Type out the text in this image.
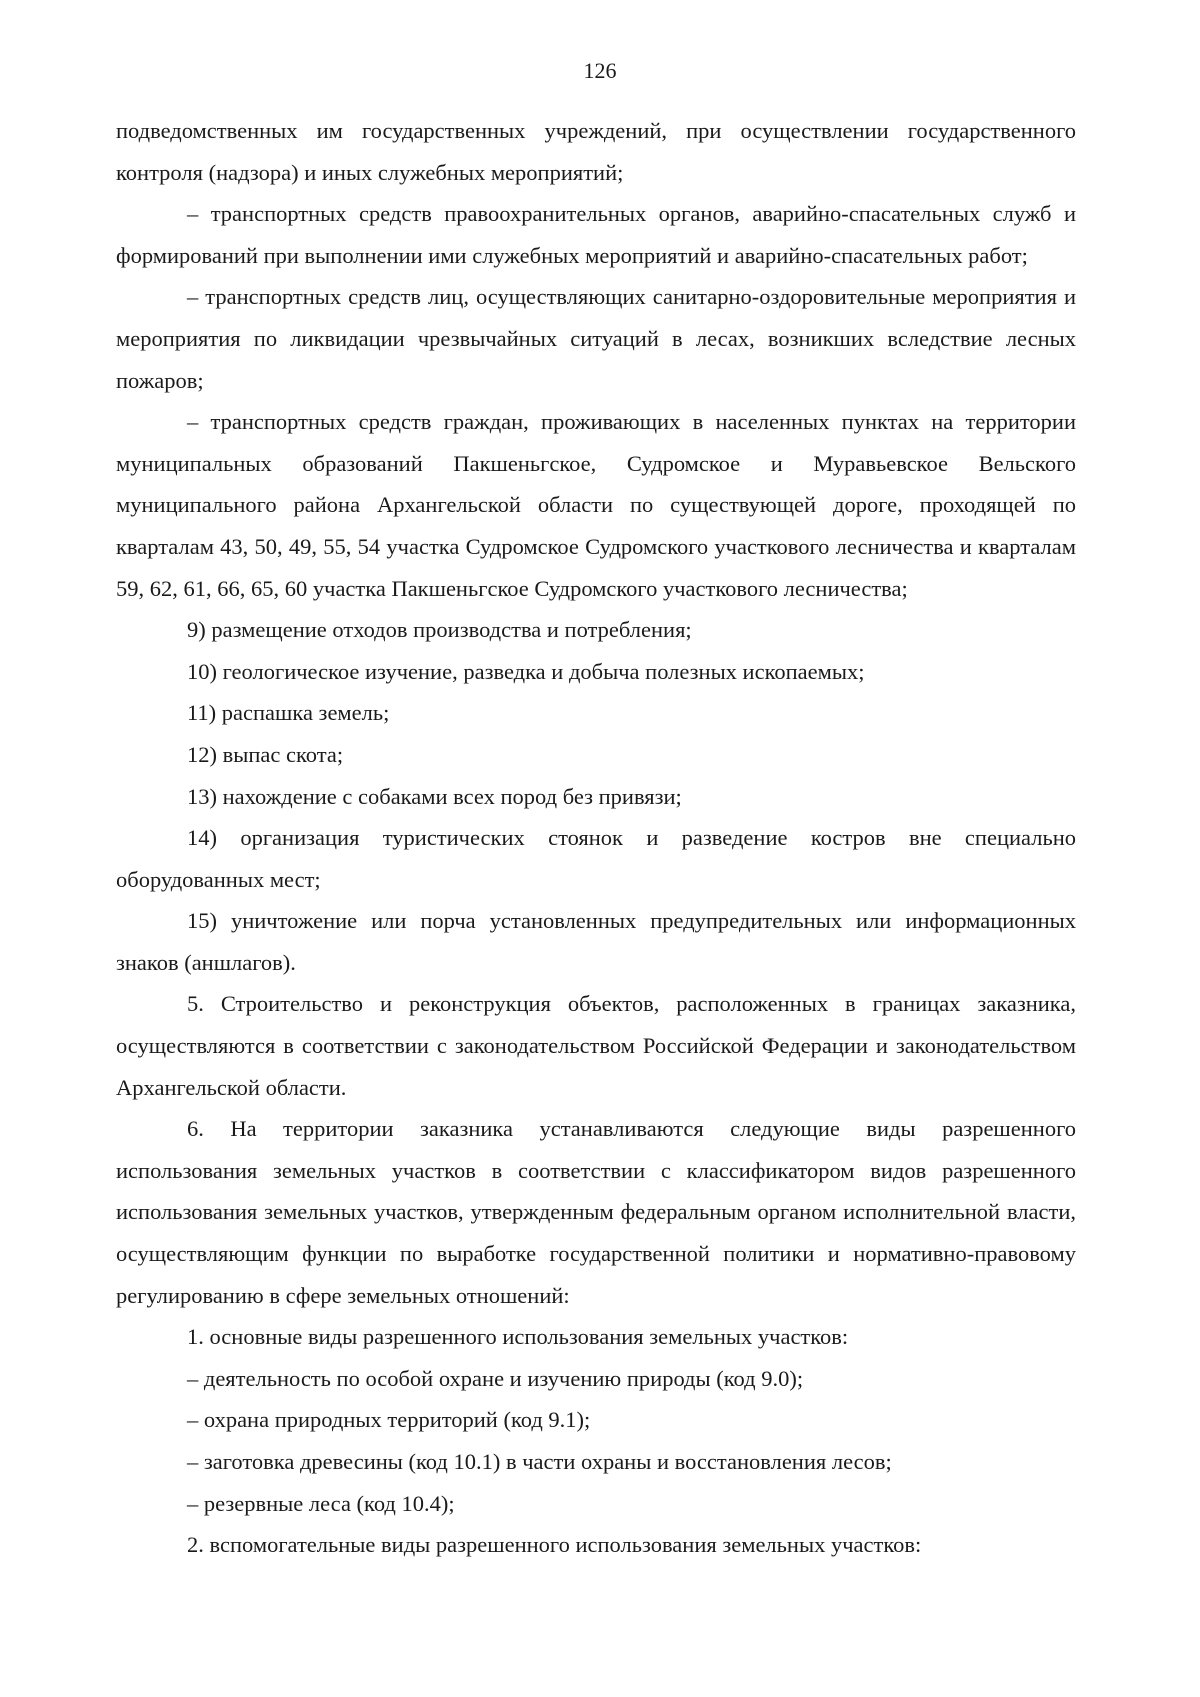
126

подведомственных им государственных учреждений, при осуществлении государственного контроля (надзора) и иных служебных мероприятий;

– транспортных средств правоохранительных органов, аварийно-спасательных служб и формирований при выполнении ими служебных мероприятий и аварийно-спасательных работ;

– транспортных средств лиц, осуществляющих санитарно-оздоровительные мероприятия и мероприятия по ликвидации чрезвычайных ситуаций в лесах, возникших вследствие лесных пожаров;

– транспортных средств граждан, проживающих в населенных пунктах на территории муниципальных образований Пакшеньгское, Судромское и Муравьевское Вельского муниципального района Архангельской области по существующей дороге, проходящей по кварталам 43, 50, 49, 55, 54 участка Судромское Судромского участкового лесничества и кварталам 59, 62, 61, 66, 65, 60 участка Пакшеньгское Судромского участкового лесничества;

9) размещение отходов производства и потребления;

10) геологическое изучение, разведка и добыча полезных ископаемых;

11) распашка земель;

12) выпас скота;

13) нахождение с собаками всех пород без привязи;

14) организация туристических стоянок и разведение костров вне специально оборудованных мест;

15) уничтожение или порча установленных предупредительных или информационных знаков (аншлагов).

5. Строительство и реконструкция объектов, расположенных в границах заказника, осуществляются в соответствии с законодательством Российской Федерации и законодательством Архангельской области.

6. На территории заказника устанавливаются следующие виды разрешенного использования земельных участков в соответствии с классификатором видов разрешенного использования земельных участков, утвержденным федеральным органом исполнительной власти, осуществляющим функции по выработке государственной политики и нормативно-правовому регулированию в сфере земельных отношений:

1. основные виды разрешенного использования земельных участков:

– деятельность по особой охране и изучению природы (код 9.0);

– охрана природных территорий (код 9.1);

– заготовка древесины (код 10.1) в части охраны и восстановления лесов;

– резервные леса (код 10.4);

2. вспомогательные виды разрешенного использования земельных участков:
